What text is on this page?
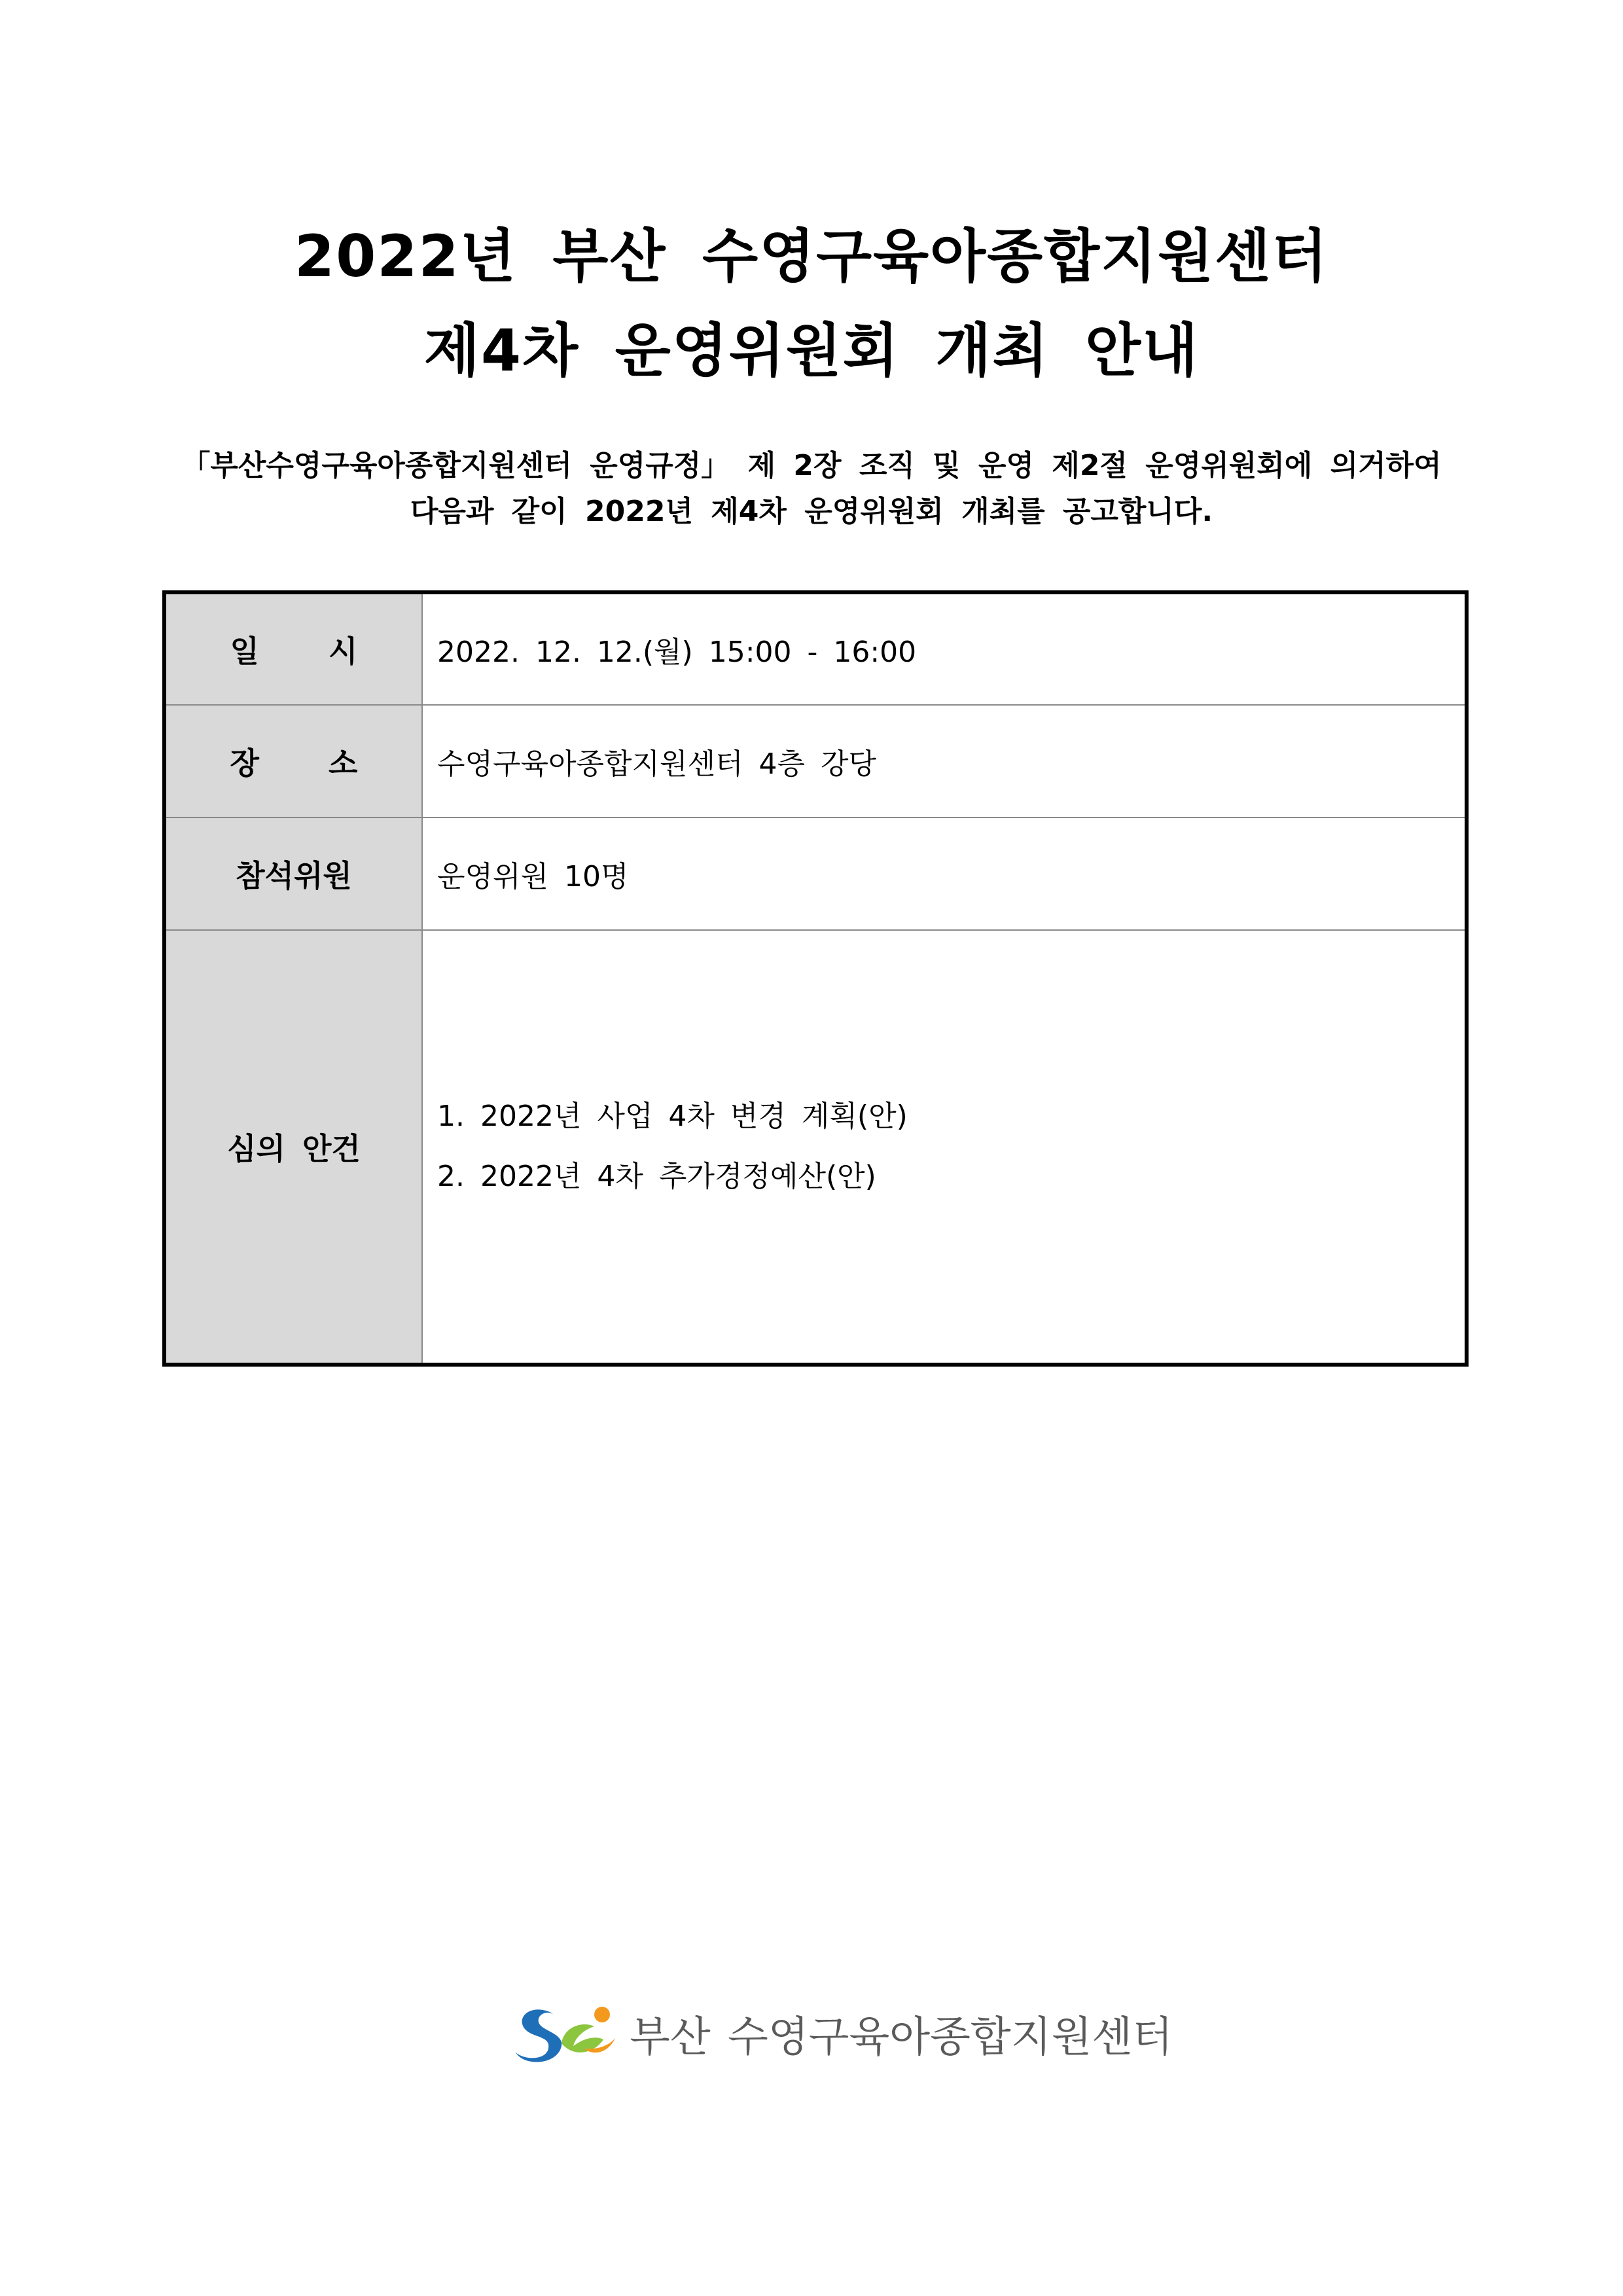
2022년 부산 수영구육아종합지원센터
제4차 운영위원회 개최 안내
「부산수영구육아종합지원센터 운영규정」 제 2장 조직 및 운영 제2절 운영위원회에 의거하여
다음과 같이 2022년 제4차 운영위원회 개최를 공고합니다.
일 시	2022. 12. 12.(월) 15:00 - 16:00
장 소	수영구육아종합지원센터 4층 강당
참석위원	운영위원 10명
심의 안건	1. 2022년 사업 4차 변경 계획(안)
2. 2022년 4차 추가경정예산(안)
부산 수영구육아종합지원센터
